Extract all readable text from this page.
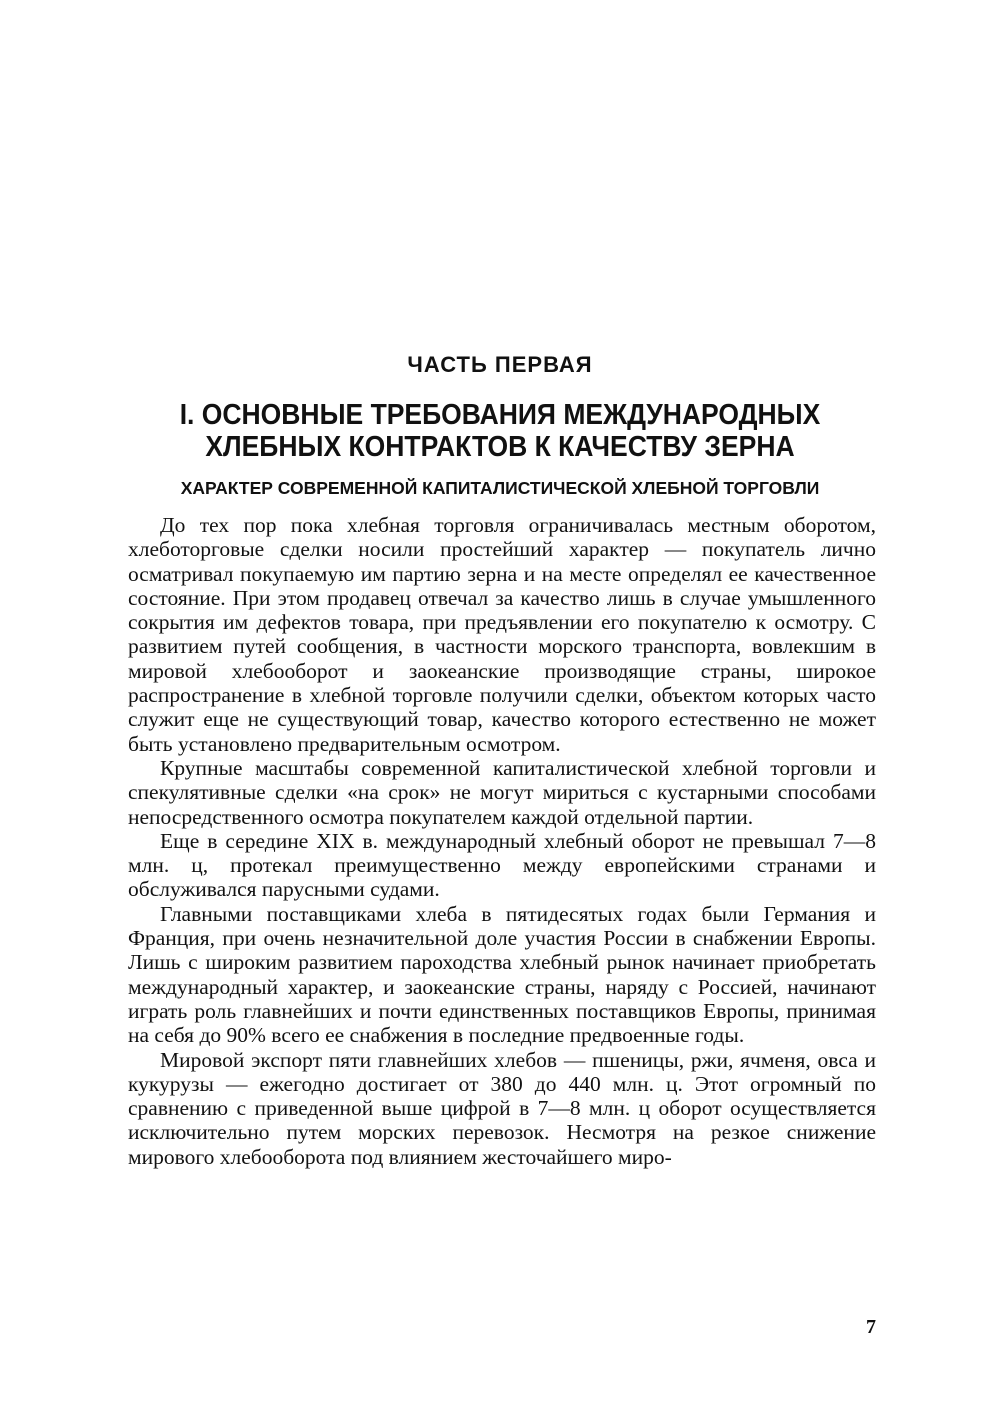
ЧАСТЬ ПЕРВАЯ
I. ОСНОВНЫЕ ТРЕБОВАНИЯ МЕЖДУНАРОДНЫХ
ХЛЕБНЫХ КОНТРАКТОВ К КАЧЕСТВУ ЗЕРНА
ХАРАКТЕР СОВРЕМЕННОЙ КАПИТАЛИСТИЧЕСКОЙ ХЛЕБНОЙ ТОРГОВЛИ

До тех пор пока хлебная торговля ограничивалась местным оборотом, хлеботорговые сделки носили простейший характер — покупатель лично осматривал покупаемую им партию зерна и на месте определял ее качественное состояние. При этом продавец отвечал за качество лишь в случае умышленного сокрытия им дефектов товара, при предъявлении его покупателю к осмотру. С развитием путей сообщения, в частности морского транспорта, вовлекшим в мировой хлебооборот и заокеанские производящие страны, широкое распространение в хлебной торговле получили сделки, объектом которых часто служит еще не существующий товар, качество которого естественно не может быть установлено предварительным осмотром.

Крупные масштабы современной капиталистической хлебной торговли и спекулятивные сделки «на срок» не могут мириться с кустарными способами непосредственного осмотра покупателем каждой отдельной партии.

Еще в середине XIX в. международный хлебный оборот не превышал 7—8 млн. ц, протекал преимущественно между европейскими странами и обслуживался парусными судами.

Главными поставщиками хлеба в пятидесятых годах были Германия и Франция, при очень незначительной доле участия России в снабжении Европы. Лишь с широким развитием пароходства хлебный рынок начинает приобретать международный характер, и заокеанские страны, наряду с Россией, начинают играть роль главнейших и почти единственных поставщиков Европы, принимая на себя до 90% всего ее снабжения в последние предвоенные годы.

Мировой экспорт пяти главнейших хлебов — пшеницы, ржи, ячменя, овса и кукурузы — ежегодно достигает от 380 до 440 млн. ц. Этот огромный по сравнению с приведенной выше цифрой в 7—8 млн. ц оборот осуществляется исключительно путем морских перевозок. Несмотря на резкое снижение мирового хлебооборота под влиянием жесточайшего миро-

7
